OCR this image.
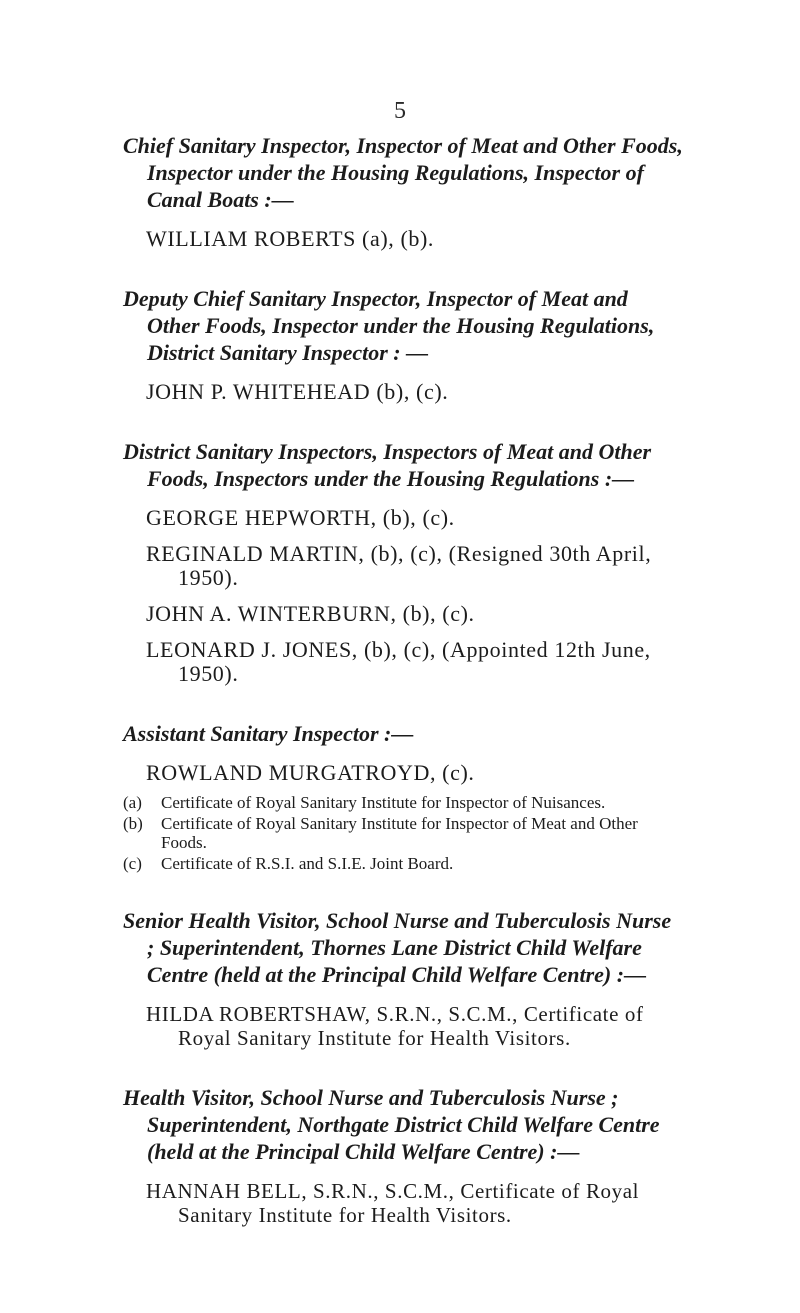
5

Chief Sanitary Inspector, Inspector of Meat and Other Foods, Inspector under the Housing Regulations, Inspector of Canal Boats :—

WILLIAM ROBERTS (a), (b).

Deputy Chief Sanitary Inspector, Inspector of Meat and Other Foods, Inspector under the Housing Regulations, District Sanitary Inspector : —

JOHN P. WHITEHEAD (b), (c).

District Sanitary Inspectors, Inspectors of Meat and Other Foods, Inspectors under the Housing Regulations :—

GEORGE HEPWORTH, (b), (c).

REGINALD MARTIN, (b), (c), (Resigned 30th April, 1950).

JOHN A. WINTERBURN, (b), (c).

LEONARD J. JONES, (b), (c), (Appointed 12th June, 1950).

Assistant Sanitary Inspector :—

ROWLAND MURGATROYD, (c).

(a)	Certificate of Royal Sanitary Institute for Inspector of Nuisances.
(b)	Certificate of Royal Sanitary Institute for Inspector of Meat and Other Foods.
(c)	Certificate of R.S.I. and S.I.E. Joint Board.

Senior Health Visitor, School Nurse and Tuberculosis Nurse ; Superintendent, Thornes Lane District Child Welfare Centre (held at the Principal Child Welfare Centre) :—

HILDA ROBERTSHAW, S.R.N., S.C.M., Certificate of Royal Sanitary Institute for Health Visitors.

Health Visitor, School Nurse and Tuberculosis Nurse ; Superintendent, Northgate District Child Welfare Centre (held at the Principal Child Welfare Centre) :—

HANNAH BELL, S.R.N., S.C.M., Certificate of Royal Sanitary Institute for Health Visitors.
